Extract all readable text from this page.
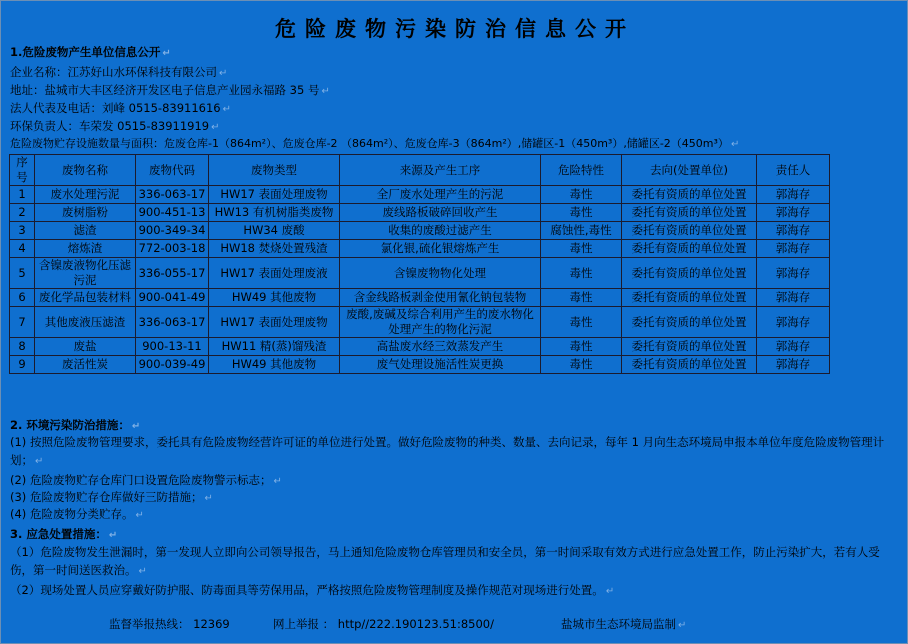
危险废物污染防治信息公开
1.危险废物产生单位信息公开 ↵
企业名称：江苏好山水环保科技有限公司 ↵
地址：盐城市大丰区经济开发区电子信息产业园永福路 35 号 ↵
法人代表及电话：刘峰 0515-83911616 ↵
环保负责人：车荣发 0515-83911919 ↵
危险废物贮存设施数量与面积：危废仓库-1（864m²）、危废仓库-2 （864m²）、危废仓库-3（864m²）,储罐区-1（450m³）,储罐区-2（450m³） ↵
序号	废物名称	废物代码	废物类型	来源及产生工序	危险特性	去向(处置单位)	责任人
1	废水处理污泥	336-063-17	HW17 表面处理废物	全厂废水处理产生的污泥	毒性	委托有资质的单位处置	郭海存
2	废树脂粉	900-451-13	HW13 有机树脂类废物	废线路板破碎回收产生	毒性	委托有资质的单位处置	郭海存
3	滤渣	900-349-34	HW34 废酸	收集的废酸过滤产生	腐蚀性,毒性	委托有资质的单位处置	郭海存
4	熔炼渣	772-003-18	HW18 焚烧处置残渣	氯化银,硫化银熔炼产生	毒性	委托有资质的单位处置	郭海存
5	含镍废液物化压滤污泥	336-055-17	HW17 表面处理废液	含镍废物物化处理	毒性	委托有资质的单位处置	郭海存
6	废化学品包装材料	900-041-49	HW49 其他废物	含金线路板剥金使用氰化钠包装物	毒性	委托有资质的单位处置	郭海存
7	其他废液压滤渣	336-063-17	HW17 表面处理废物	废酸,废碱及综合利用产生的废水物化处理产生的物化污泥	毒性	委托有资质的单位处置	郭海存
8	废盐	900-13-11	HW11 精(蒸)馏残渣	高盐废水经三效蒸发产生	毒性	委托有资质的单位处置	郭海存
9	废活性炭	900-039-49	HW49 其他废物	废气处理设施活性炭更换	毒性	委托有资质的单位处置	郭海存
2. 环境污染防治措施： ↵
(1) 按照危险废物管理要求，委托具有危险废物经营许可证的单位进行处置。做好危险废物的种类、数量、去向记录，每年 1 月向生态环境局申报本单位年度危险废物管理计划； ↵
(2) 危险废物贮存仓库门口设置危险废物警示标志； ↵
(3) 危险废物贮存仓库做好三防措施； ↵
(4) 危险废物分类贮存。 ↵
3. 应急处置措施： ↵
（1）危险废物发生泄漏时，第一发现人立即向公司领导报告，马上通知危险废物仓库管理员和安全员，第一时间采取有效方式进行应急处置工作，防止污染扩大，若有人受伤，第一时间送医救治。 ↵
（2）现场处置人员应穿戴好防护服、防毒面具等劳保用品，严格按照危险废物管理制度及操作规范对现场进行处置。 ↵
监督举报热线： 12369	网上举报 ： http//222.190123.51:8500/	盐城市生态环境局监制 ↵
